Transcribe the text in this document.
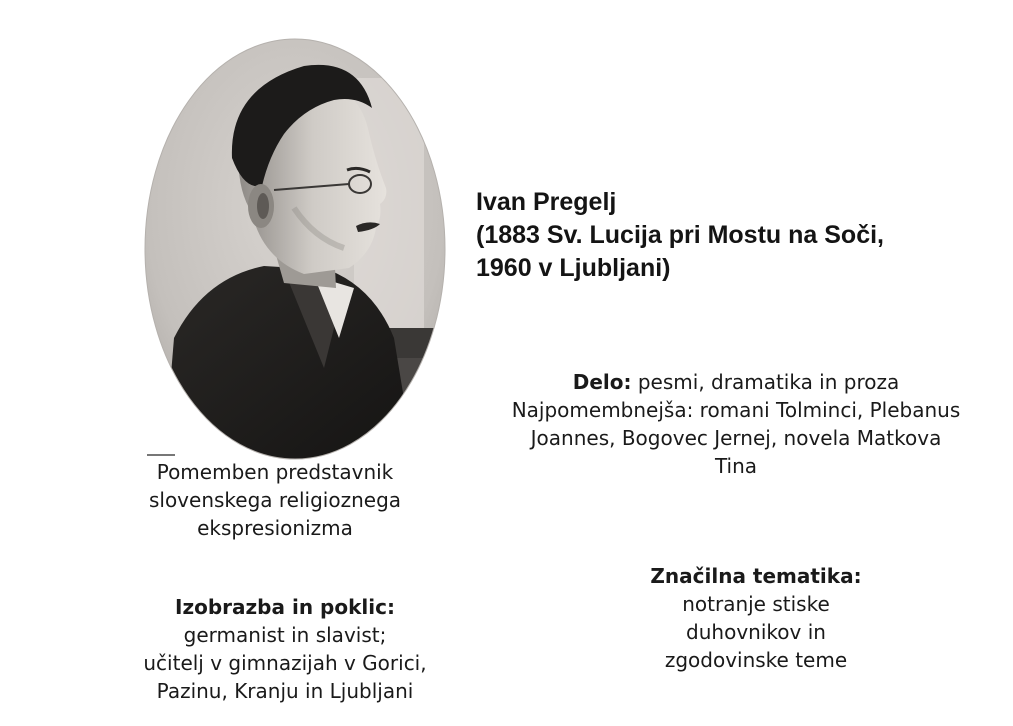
Ivan Pregelj
(1883 Sv. Lucija pri Mostu na Soči,
1960 v Ljubljani)
Pomemben predstavnik
slovenskega religioznega
ekspresionizma
Delo: pesmi, dramatika in proza
Najpomembnejša: romani Tolminci, Plebanus
Joannes, Bogovec Jernej, novela Matkova
Tina
Značilna tematika:
notranje stiske
duhovnikov in
zgodovinske teme
Izobrazba in poklic:
germanist in slavist;
učitelj v gimnazijah v Gorici,
Pazinu, Kranju in Ljubljani
